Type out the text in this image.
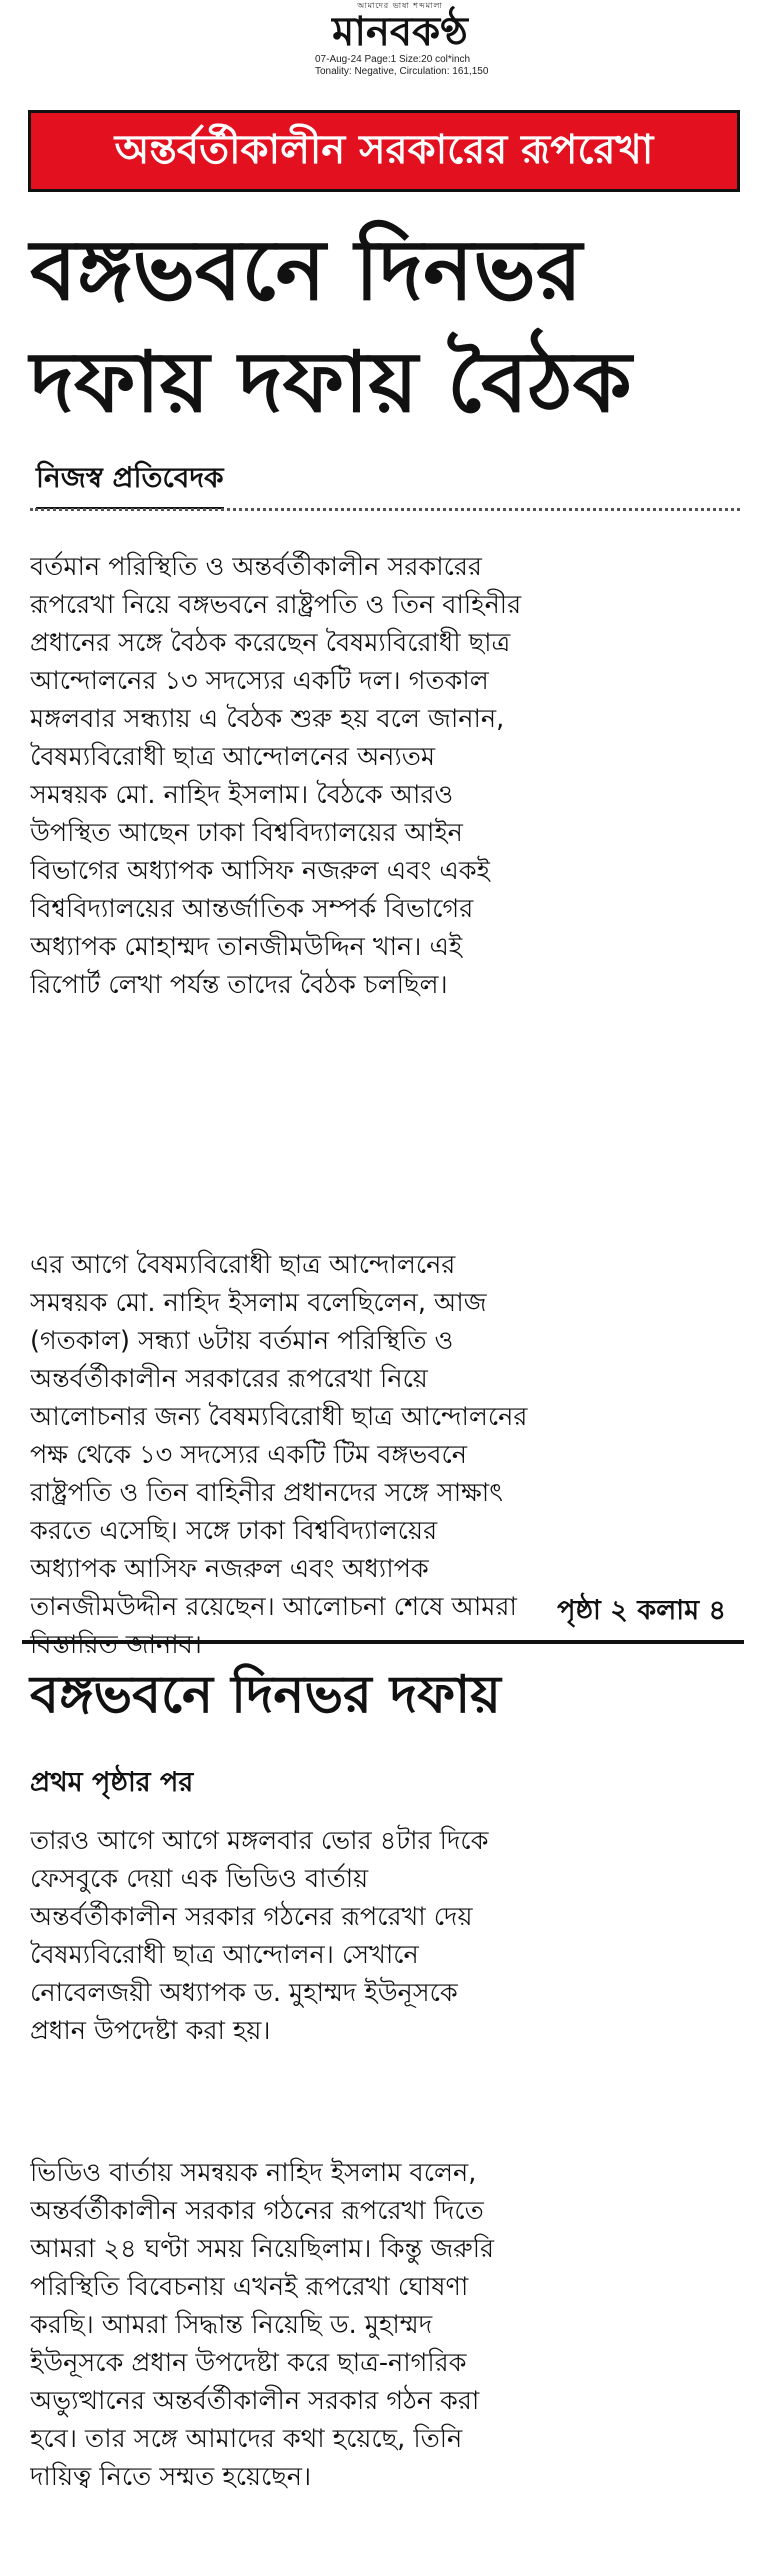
আমাদের ভাষা শব্দমালা
মানবকণ্ঠ
07-Aug-24 Page:1 Size:20 col*inch
Tonality: Negative, Circulation: 161,150
অন্তর্বর্তীকালীন সরকারের রূপরেখা
বঙ্গভবনে দিনভর
দফায় দফায় বৈঠক
নিজস্ব প্রতিবেদক
বর্তমান পরিস্থিতি ও অন্তর্বর্তীকালীন সরকারের
রূপরেখা নিয়ে বঙ্গভবনে রাষ্ট্রপতি ও তিন বাহিনীর
প্রধানের সঙ্গে বৈঠক করেছেন বৈষম্যবিরোধী ছাত্র
আন্দোলনের ১৩ সদস্যের একটি দল। গতকাল
মঙ্গলবার সন্ধ্যায় এ বৈঠক শুরু হয় বলে জানান,
বৈষম্যবিরোধী ছাত্র আন্দোলনের অন্যতম
সমন্বয়ক মো. নাহিদ ইসলাম। বৈঠকে আরও
উপস্থিত আছেন ঢাকা বিশ্ববিদ্যালয়ের আইন
বিভাগের অধ্যাপক আসিফ নজরুল এবং একই
বিশ্ববিদ্যালয়ের আন্তর্জাতিক সম্পর্ক বিভাগের
অধ্যাপক মোহাম্মদ তানজীমউদ্দিন খান। এই
রিপোর্ট লেখা পর্যন্ত তাদের বৈঠক চলছিল।
এর আগে বৈষম্যবিরোধী ছাত্র আন্দোলনের
সমন্বয়ক মো. নাহিদ ইসলাম বলেছিলেন, আজ
(গতকাল) সন্ধ্যা ৬টায় বর্তমান পরিস্থিতি ও
অন্তর্বর্তীকালীন সরকারের রূপরেখা নিয়ে
আলোচনার জন্য বৈষম্যবিরোধী ছাত্র আন্দোলনের
পক্ষ থেকে ১৩ সদস্যের একটি টিম বঙ্গভবনে
রাষ্ট্রপতি ও তিন বাহিনীর প্রধানদের সঙ্গে সাক্ষাৎ
করতে এসেছি। সঙ্গে ঢাকা বিশ্ববিদ্যালয়ের
অধ্যাপক আসিফ নজরুল এবং অধ্যাপক
তানজীমউদ্দীন রয়েছেন। আলোচনা শেষে আমরা
বিস্তারিত জানাব।
পৃষ্ঠা ২ কলাম ৪
বঙ্গভবনে দিনভর দফায়
প্রথম পৃষ্ঠার পর
তারও আগে আগে মঙ্গলবার ভোর ৪টার দিকে
ফেসবুকে দেয়া এক ভিডিও বার্তায়
অন্তর্বর্তীকালীন সরকার গঠনের রূপরেখা দেয়
বৈষম্যবিরোধী ছাত্র আন্দোলন। সেখানে
নোবেলজয়ী অধ্যাপক ড. মুহাম্মদ ইউনূসকে
প্রধান উপদেষ্টা করা হয়।
ভিডিও বার্তায় সমন্বয়ক নাহিদ ইসলাম বলেন,
অন্তর্বর্তীকালীন সরকার গঠনের রূপরেখা দিতে
আমরা ২৪ ঘণ্টা সময় নিয়েছিলাম। কিন্তু জরুরি
পরিস্থিতি বিবেচনায় এখনই রূপরেখা ঘোষণা
করছি। আমরা সিদ্ধান্ত নিয়েছি ড. মুহাম্মদ
ইউনূসকে প্রধান উপদেষ্টা করে ছাত্র-নাগরিক
অভ্যুত্থানের অন্তর্বর্তীকালীন সরকার গঠন করা
হবে। তার সঙ্গে আমাদের কথা হয়েছে, তিনি
দায়িত্ব নিতে সম্মত হয়েছেন।
